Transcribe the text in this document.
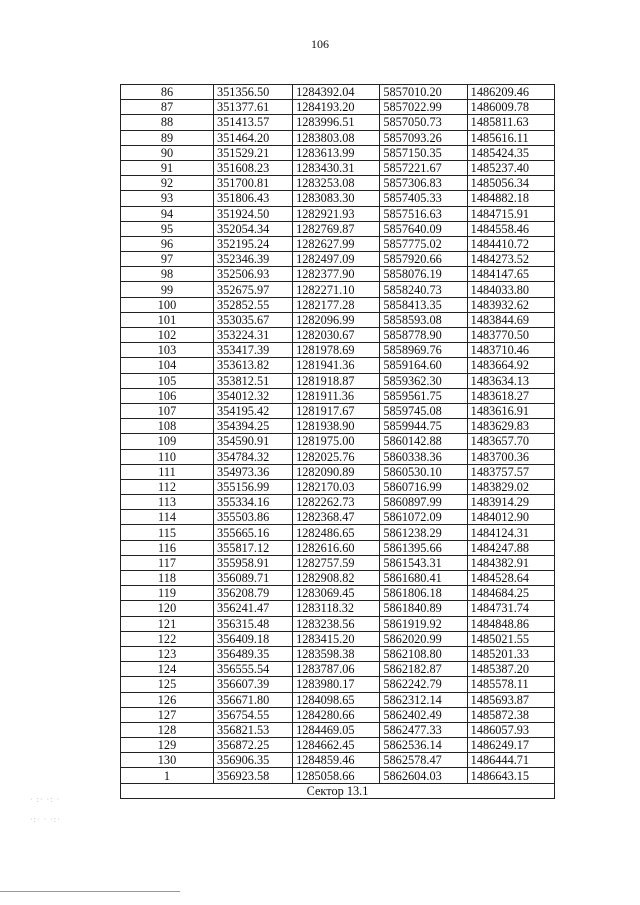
106
86	351356.50	1284392.04	5857010.20	1486209.46
87	351377.61	1284193.20	5857022.99	1486009.78
88	351413.57	1283996.51	5857050.73	1485811.63
89	351464.20	1283803.08	5857093.26	1485616.11
90	351529.21	1283613.99	5857150.35	1485424.35
91	351608.23	1283430.31	5857221.67	1485237.40
92	351700.81	1283253.08	5857306.83	1485056.34
93	351806.43	1283083.30	5857405.33	1484882.18
94	351924.50	1282921.93	5857516.63	1484715.91
95	352054.34	1282769.87	5857640.09	1484558.46
96	352195.24	1282627.99	5857775.02	1484410.72
97	352346.39	1282497.09	5857920.66	1484273.52
98	352506.93	1282377.90	5858076.19	1484147.65
99	352675.97	1282271.10	5858240.73	1484033.80
100	352852.55	1282177.28	5858413.35	1483932.62
101	353035.67	1282096.99	5858593.08	1483844.69
102	353224.31	1282030.67	5858778.90	1483770.50
103	353417.39	1281978.69	5858969.76	1483710.46
104	353613.82	1281941.36	5859164.60	1483664.92
105	353812.51	1281918.87	5859362.30	1483634.13
106	354012.32	1281911.36	5859561.75	1483618.27
107	354195.42	1281917.67	5859745.08	1483616.91
108	354394.25	1281938.90	5859944.75	1483629.83
109	354590.91	1281975.00	5860142.88	1483657.70
110	354784.32	1282025.76	5860338.36	1483700.36
111	354973.36	1282090.89	5860530.10	1483757.57
112	355156.99	1282170.03	5860716.99	1483829.02
113	355334.16	1282262.73	5860897.99	1483914.29
114	355503.86	1282368.47	5861072.09	1484012.90
115	355665.16	1282486.65	5861238.29	1484124.31
116	355817.12	1282616.60	5861395.66	1484247.88
117	355958.91	1282757.59	5861543.31	1484382.91
118	356089.71	1282908.82	5861680.41	1484528.64
119	356208.79	1283069.45	5861806.18	1484684.25
120	356241.47	1283118.32	5861840.89	1484731.74
121	356315.48	1283238.56	5861919.92	1484848.86
122	356409.18	1283415.20	5862020.99	1485021.55
123	356489.35	1283598.38	5862108.80	1485201.33
124	356555.54	1283787.06	5862182.87	1485387.20
125	356607.39	1283980.17	5862242.79	1485578.11
126	356671.80	1284098.65	5862312.14	1485693.87
127	356754.55	1284280.66	5862402.49	1485872.38
128	356821.53	1284469.05	5862477.33	1486057.93
129	356872.25	1284662.45	5862536.14	1486249.17
130	356906.35	1284859.46	5862578.47	1486444.71
1	356923.58	1285058.66	5862604.03	1486643.15
Сектор 13.1				
· :· ·: ·
·:· · ·:·
